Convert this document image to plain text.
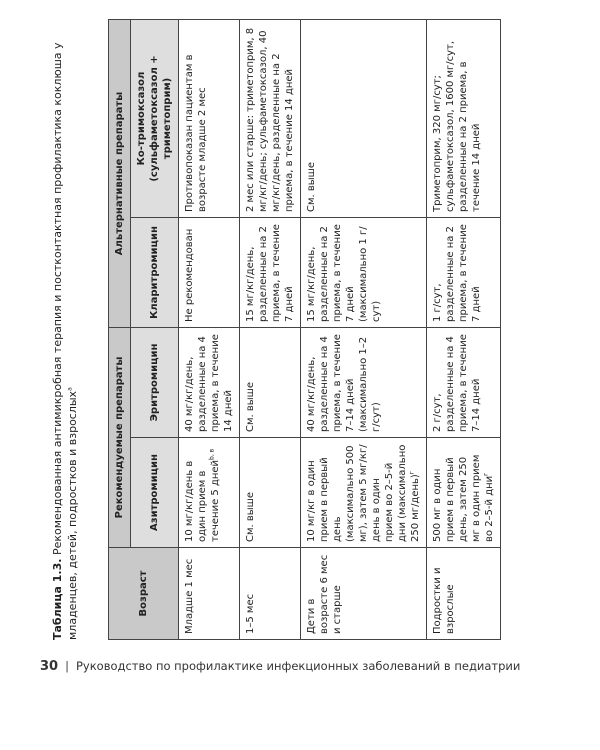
Таблица 1.3. Рекомендованная антимикробная терапия и постконтактная профилактика коклюша у младенцев, детей, подростков и взрослых$^a$
Возраст	Рекомендуемые препараты		Альтернативные препараты	
	Азитромицин	Эритромицин	Кларитромицин	Ко-тримоксазол (сульфаметоксазол + триметоприм)
Младше 1 мес	10 мг/кг/день в один прием в течение 5 дней$^{b, в}$	40 мг/кг/день, разделенные на 4 приема, в течение 14 дней	Не рекомендован	Противопоказан пациентам в возрасте младше 2 мес
1–5 мес	См. выше	См. выше	15 мг/кг/день, разделенные на 2 приема, в течение 7 дней	2 мес или старше: триметоприм, 8 мг/кг/день; сульфаметоксазол, 40 мг/кг/день, разделенные на 2 приема, в течение 14 дней
Дети в возрасте 6 мес и старше	10 мг/кг в один прием в первый день (максимально 500 мг), затем 5 мг/кг/день в один прием во 2–5-й дни (максимально 250 мг/день)$^г$	40 мг/кг/день, разделенные на 4 приема, в течение 7–14 дней (максимально 1–2 г/сут)	15 мг/кг/день, разделенные на 2 приема, в течение 7 дней (максимально 1 г/сут)	См. выше
Подростки и взрослые	500 мг в один прием в первый день, затем 250 мг в один прием во 2–5-й дни$^г$	2 г/сут, разделенные на 4 приема, в течение 7–14 дней	1 г/сут, разделенные на 2 приема, в течение 7 дней	Триметоприм, 320 мг/сут; сульфаметоксазол, 1600 мг/сут, разделенные на 2 приема, в течение 14 дней
30 | Руководство по профилактике инфекционных заболеваний в педиатрии
